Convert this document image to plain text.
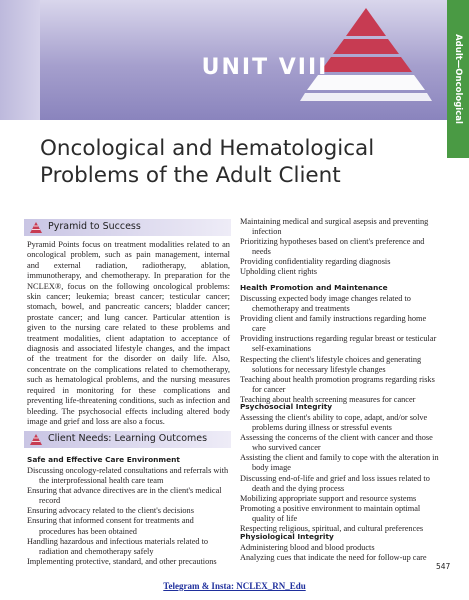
UNIT VIII	Adult—Oncological
Oncological and Hematological
Problems of the Adult Client
Pyramid to Success

Pyramid Points focus on treatment modalities related to an oncological problem, such as pain management, internal and external radiation, radiotherapy, ablation, immunotherapy, and chemotherapy. In preparation for the NCLEX®, focus on the following oncological problems: skin cancer; leukemia; breast cancer; testicular cancer; stomach, bowel, and pancreatic cancers; bladder cancer; prostate cancer; and lung cancer. Particular attention is given to the nursing care related to these problems and treatment modalities, client adaptation to acceptance of diagnosis and associated lifestyle changes, and the impact of the treatment for the disorder on daily life. Also, concentrate on the complications related to chemotherapy, such as hematological problems, and the nursing measures required in monitoring for these complications and preventing life-threatening conditions, such as infection and bleeding. The psychosocial effects including altered body image and grief and loss are also a focus.

Client Needs: Learning Outcomes
Safe and Effective Care Environment
Discussing oncology-related consultations and referrals with the interprofessional health care team
Ensuring that advance directives are in the client's medical record
Ensuring advocacy related to the client's decisions
Ensuring that informed consent for treatments and procedures has been obtained
Handling hazardous and infectious materials related to radiation and chemotherapy safely
Implementing protective, standard, and other precautions
Maintaining medical and surgical asepsis and preventing infection
Prioritizing hypotheses based on client's preference and needs
Providing confidentiality regarding diagnosis
Upholding client rights
Health Promotion and Maintenance
Discussing expected body image changes related to chemotherapy and treatments
Providing client and family instructions regarding home care
Providing instructions regarding regular breast or testicular self-examinations
Respecting the client's lifestyle choices and generating solutions for necessary lifestyle changes
Teaching about health promotion programs regarding risks for cancer
Teaching about health screening measures for cancer
Psychosocial Integrity
Assessing the client's ability to cope, adapt, and/or solve problems during illness or stressful events
Assessing the concerns of the client with cancer and those who survived cancer
Assisting the client and family to cope with the alteration in body image
Discussing end-of-life and grief and loss issues related to death and the dying process
Mobilizing appropriate support and resource systems
Promoting a positive environment to maintain optimal quality of life
Respecting religious, spiritual, and cultural preferences
Physiological Integrity
Administering blood and blood products
Analyzing cues that indicate the need for follow-up care
547
Telegram & Insta: NCLEX_RN_Edu
